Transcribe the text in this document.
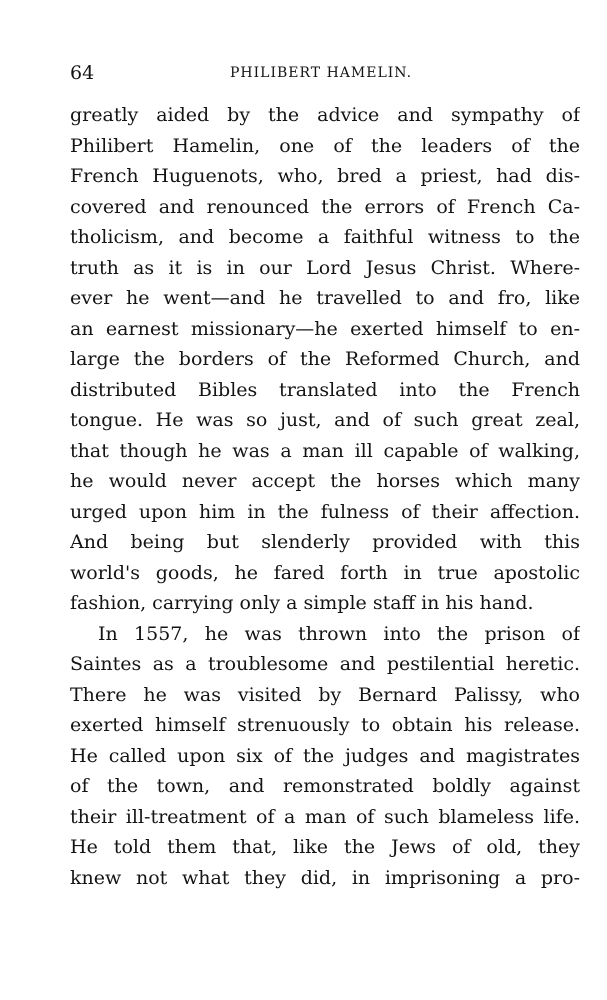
64	PHILIBERT HAMELIN.
greatly aided by the advice and sympathy of
Philibert Hamelin, one of the leaders of the
French Huguenots, who, bred a priest, had dis-
covered and renounced the errors of French Ca-
tholicism, and become a faithful witness to the
truth as it is in our Lord Jesus Christ. Where-
ever he went—and he travelled to and fro, like
an earnest missionary—he exerted himself to en-
large the borders of the Reformed Church, and
distributed Bibles translated into the French
tongue. He was so just, and of such great zeal,
that though he was a man ill capable of walking,
he would never accept the horses which many
urged upon him in the fulness of their affection.
And being but slenderly provided with this
world's goods, he fared forth in true apostolic
fashion, carrying only a simple staff in his hand.
In 1557, he was thrown into the prison of
Saintes as a troublesome and pestilential heretic.
There he was visited by Bernard Palissy, who
exerted himself strenuously to obtain his release.
He called upon six of the judges and magistrates
of the town, and remonstrated boldly against
their ill-treatment of a man of such blameless life.
He told them that, like the Jews of old, they
knew not what they did, in imprisoning a pro-
